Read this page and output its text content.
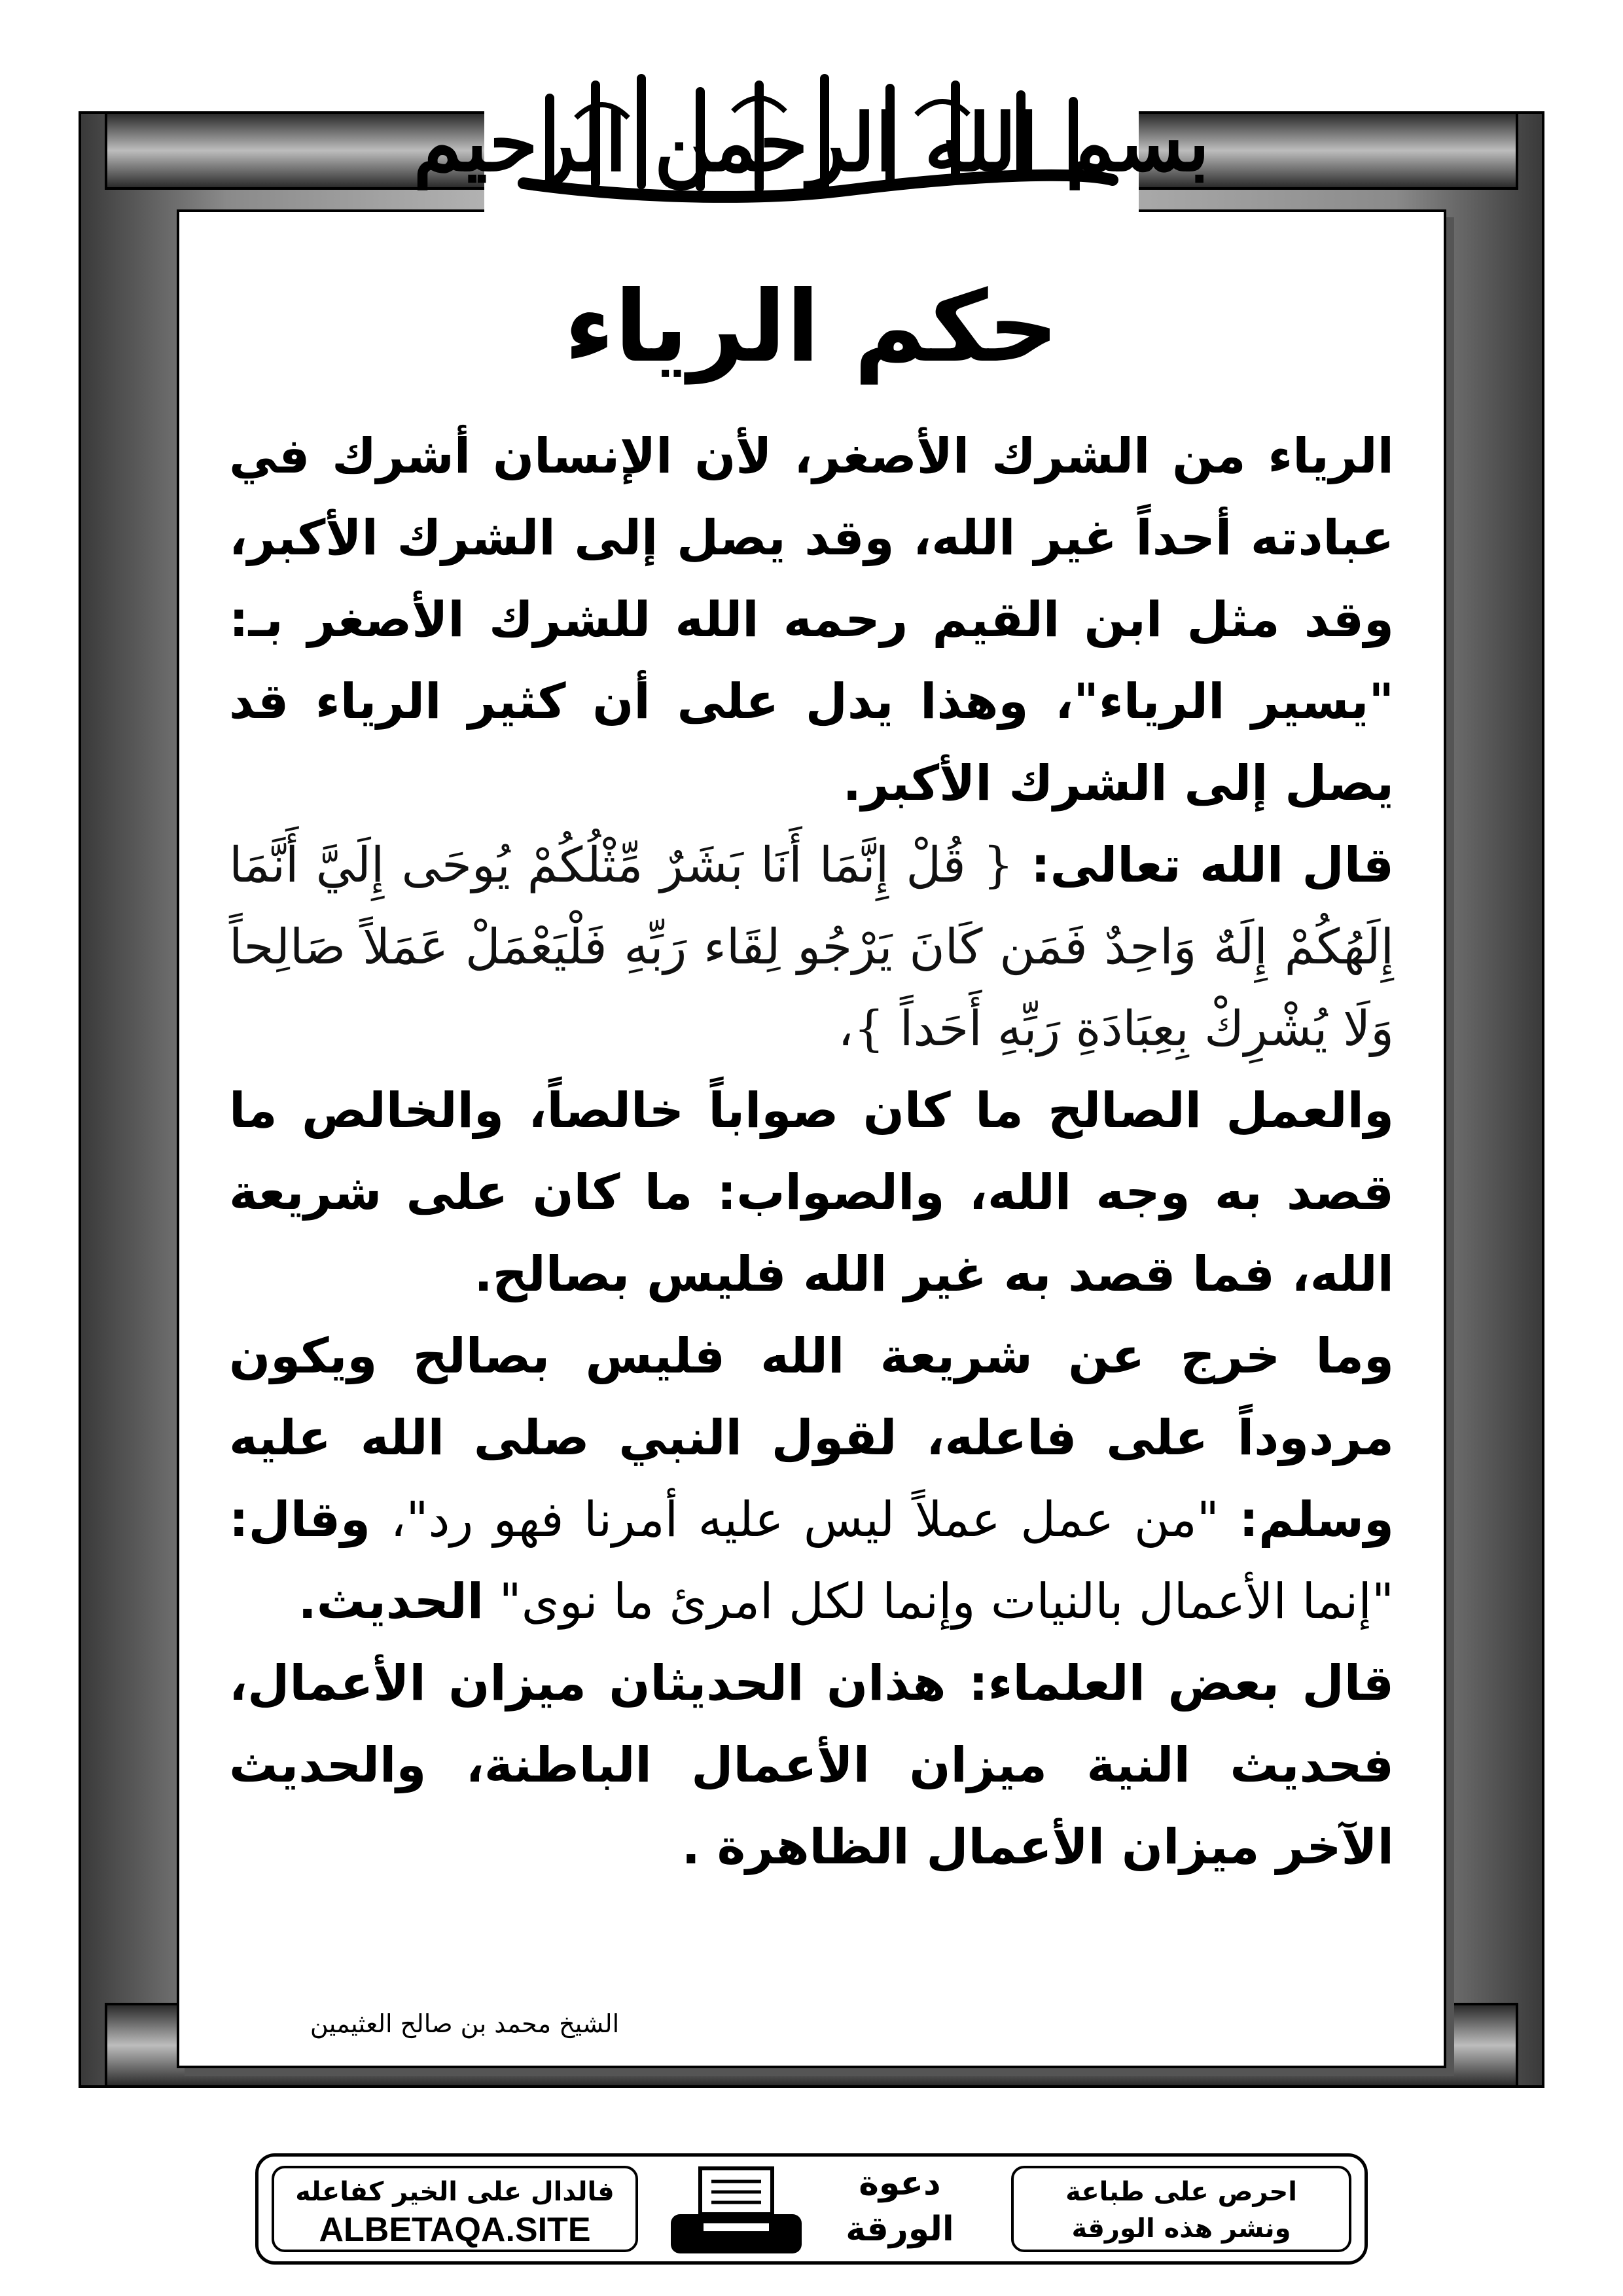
بسم الله الرحمن الرحيم
حكم الرياء

الرياء من الشرك الأصغر، لأن الإنسان أشرك في عبادته أحداً غير الله، وقد يصل إلى الشرك الأكبر، وقد مثل ابن القيم رحمه الله للشرك الأصغر بـ: "يسير الرياء"، وهذا يدل على أن كثير الرياء قد يصل إلى الشرك الأكبر.

قال الله تعالى: { قُلْ إِنَّمَا أَنَا بَشَرٌ مِّثْلُكُمْ يُوحَى إِلَيَّ أَنَّمَا إِلَهُكُمْ إِلَهٌ وَاحِدٌ فَمَن كَانَ يَرْجُو لِقَاء رَبِّهِ فَلْيَعْمَلْ عَمَلاً صَالِحاً وَلَا يُشْرِكْ بِعِبَادَةِ رَبِّهِ أَحَداً }،

والعمل الصالح ما كان صواباً خالصاً، والخالص ما قصد به وجه الله، والصواب: ما كان على شريعة الله، فما قصد به غير الله فليس بصالح.

وما خرج عن شريعة الله فليس بصالح ويكون مردوداً على فاعله، لقول النبي صلى الله عليه وسلم: "من عمل عملاً ليس عليه أمرنا فهو رد"، وقال: "إنما الأعمال بالنيات وإنما لكل امرئ ما نوى" الحديث.

قال بعض العلماء: هذان الحديثان ميزان الأعمال، فحديث النية ميزان الأعمال الباطنة، والحديث الآخر ميزان الأعمال الظاهرة .

الشيخ محمد بن صالح العثيمين
فالدال على الخير كفاعله
ALBETAQA.SITE
دعوة
الورقة
احرص على طباعة
ونشر هذه الورقة
